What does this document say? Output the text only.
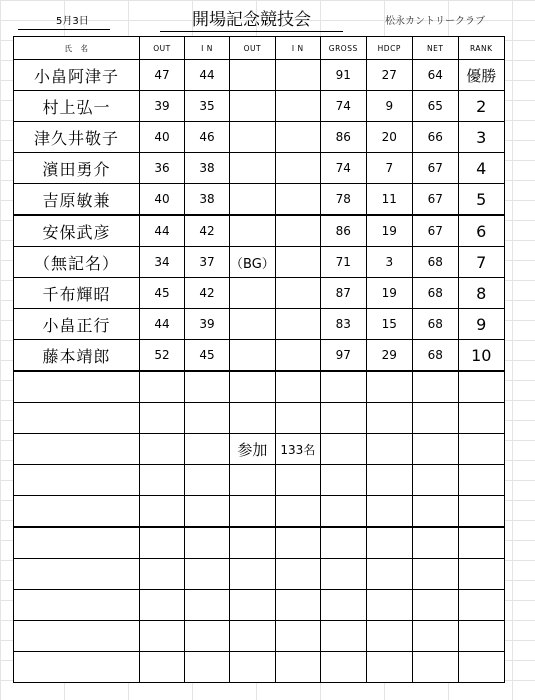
5月3日	開場記念競技会	松永カントリークラブ
氏　名	OUT	I N	OUT	I N	GROSS	HDCP	NET	RANK
小畠阿津子	47	44			91	27	64	優勝
村上弘一	39	35			74	9	65	2
津久井敬子	40	46			86	20	66	3
濱田勇介	36	38			74	7	67	4
吉原敏兼	40	38			78	11	67	5
安保武彦	44	42			86	19	67	6
（無記名）	34	37	（BG）		71	3	68	7
千布輝昭	45	42			87	19	68	8
小畠正行	44	39			83	15	68	9
藤本靖郎	52	45			97	29	68	10

			参加	133名				
